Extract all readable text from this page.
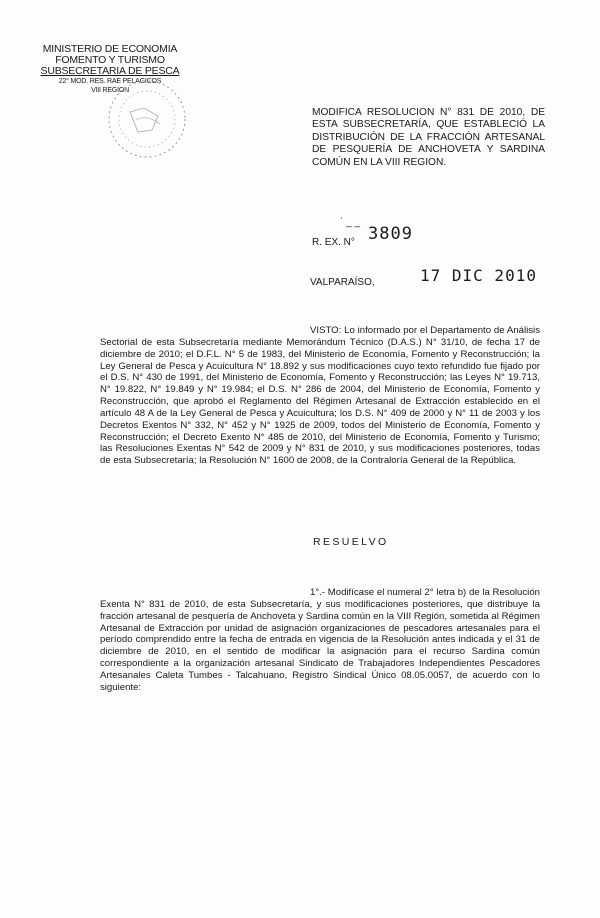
MINISTERIO DE ECONOMIA
FOMENTO Y TURISMO
SUBSECRETARIA DE PESCA
22° MOD. RES. RAE PELAGICOS
VIII REGION
MODIFICA RESOLUCION N° 831 DE 2010, DE ESTA SUBSECRETARÍA, QUE ESTABLECIÓ LA DISTRIBUCIÓN DE LA FRACCIÓN ARTESANAL DE PESQUERÍA DE ANCHOVETA Y SARDINA COMÚN EN LA VIII REGION.
ˈ _ _
R. EX. N° 3809
VALPARAÍSO,	17 DIC 2010
VISTO: Lo informado por el Departamento de Análisis Sectorial de esta Subsecretaría mediante Memorándum Técnico (D.A.S.) N° 31/10, de fecha 17 de diciembre de 2010; el D.F.L. N° 5 de 1983, del Ministerio de Economía, Fomento y Reconstrucción; la Ley General de Pesca y Acuicultura N° 18.892 y sus modificaciones cuyo texto refundido fue fijado por el D.S. N° 430 de 1991, del Ministerio de Economía, Fomento y Reconstrucción; las Leyes N° 19.713, N° 19.822, N° 19.849 y N° 19.984; el D.S. N° 286 de 2004, del Ministerio de Economía, Fomento y Reconstrucción, que aprobó el Reglamento del Régimen Artesanal de Extracción establecido en el artículo 48 A de la Ley General de Pesca y Acuicultura; los D.S. N° 409 de 2000 y N° 11 de 2003 y los Decretos Exentos N° 332, N° 452 y N° 1925 de 2009, todos del Ministerio de Economía, Fomento y Reconstrucción; el Decreto Exento N° 485 de 2010, del Ministerio de Economía, Fomento y Turismo; las Resoluciones Exentas N° 542 de 2009 y N° 831 de 2010, y sus modificaciones posteriores, todas de esta Subsecretaría; la Resolución N° 1600 de 2008, de la Contraloría General de la República.
RESUELVO
1°.- Modifícase el numeral 2° letra b) de la Resolución Exenta N° 831 de 2010, de esta Subsecretaría, y sus modificaciones posteriores, que distribuye la fracción artesanal de pesquería de Anchoveta y Sardina común en la VIII Región, sometida al Régimen Artesanal de Extracción por unidad de asignación organizaciones de pescadores artesanales para el período comprendido entre la fecha de entrada en vigencia de la Resolución antes indicada y el 31 de diciembre de 2010, en el sentido de modificar la asignación para el recurso Sardina común correspondiente a la organización artesanal Sindicato de Trabajadores Independientes Pescadores Artesanales Caleta Tumbes - Talcahuano, Registro Sindical Único 08.05.0057, de acuerdo con lo siguiente:
